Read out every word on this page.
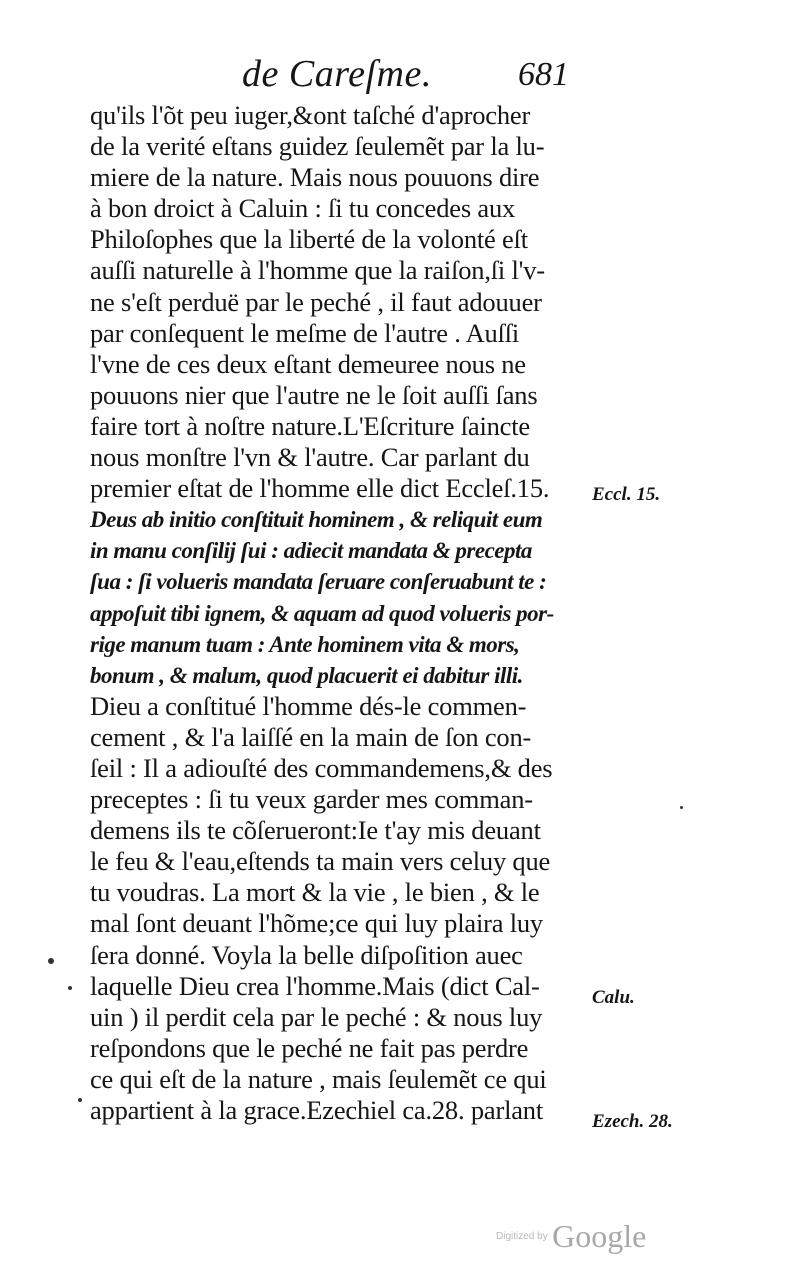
de Careſme.	681
qu'ils l'õt peu iuger,&ont taſché d'aprocher
de la verité eſtans guidez ſeulemẽt par la lu-
miere de la nature. Mais nous pouuons dire
à bon droict à Caluin : ſi tu concedes aux
Philoſophes que la liberté de la volonté eſt
auſſi naturelle à l'homme que la raiſon,ſi l'v-
ne s'eſt perduë par le peché , il faut adouuer
par conſequent le meſme de l'autre . Auſſi
l'vne de ces deux eſtant demeuree nous ne
pouuons nier que l'autre ne le ſoit auſſi ſans
faire tort à noſtre nature.L'Eſcriture ſaincte
nous monſtre l'vn & l'autre. Car parlant du
premier eſtat de l'homme elle dict Eccleſ.15.
Deus ab initio conſtituit hominem , & reliquit eum
in manu conſilij ſui : adiecit mandata & precepta
ſua : ſi volueris mandata ſeruare conſeruabunt te :
appoſuit tibi ignem, & aquam ad quod volueris por-
rige manum tuam : Ante hominem vita & mors,
bonum , & malum, quod placuerit ei dabitur illi.
Dieu a conſtitué l'homme dés-le commen-
cement , & l'a laiſſé en la main de ſon con-
ſeil : Il a adiouſté des commandemens,& des
preceptes : ſi tu veux garder mes comman-
demens ils te cõſerueront:Ie t'ay mis deuant
le feu & l'eau,eſtends ta main vers celuy que
tu voudras. La mort & la vie , le bien , & le
mal ſont deuant l'hõme;ce qui luy plaira luy
ſera donné. Voyla la belle diſpoſition auec
laquelle Dieu crea l'homme.Mais (dict Cal-
uin ) il perdit cela par le peché : & nous luy
reſpondons que le peché ne fait pas perdre
ce qui eſt de la nature , mais ſeulemẽt ce qui
appartient à la grace.Ezechiel ca.28. parlant
Eccl. 15.
Calu.
Ezech. 28.
Digitized by Google
